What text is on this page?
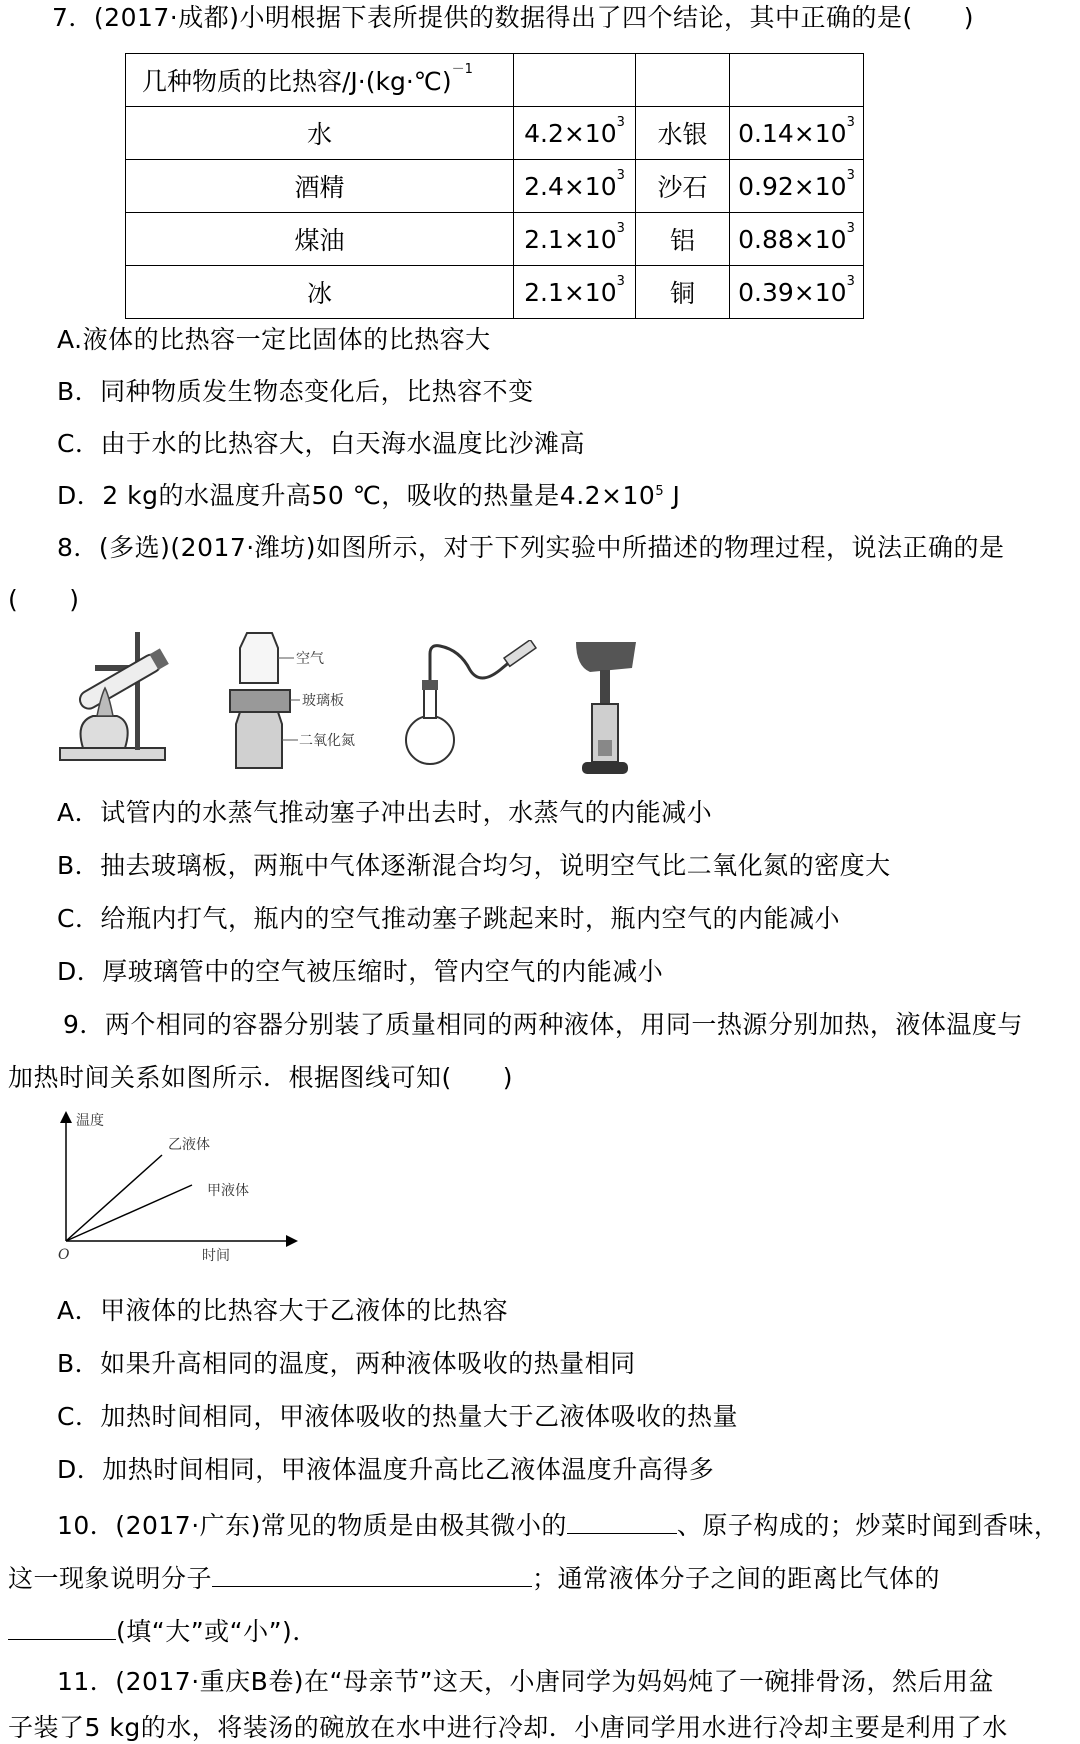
7．(2017·成都)小明根据下表所提供的数据得出了四个结论，其中正确的是(　　)
几种物质的比热容/J·(kg·℃)$^{-1}$			
水	$4.2\times 10^3$	水银	$0.14\times 10^3$
酒精	$2.4\times 10^3$	沙石	$0.92\times 10^3$
煤油	$2.1\times 10^3$	铝	$0.88\times 10^3$
冰	$2.1\times 10^3$	铜	$0.39\times 10^3$
A.液体的比热容一定比固体的比热容大
B．同种物质发生物态变化后，比热容不变
C．由于水的比热容大，白天海水温度比沙滩高
D．2 kg的水温度升高50 ℃，吸收的热量是$4.2\times 10^5$ J
8．(多选)(2017·潍坊)如图所示，对于下列实验中所描述的物理过程，说法正确的是
(　　)
空气
玻璃板
二氧化氮
A．试管内的水蒸气推动塞子冲出去时，水蒸气的内能减小
B．抽去玻璃板，两瓶中气体逐渐混合均匀，说明空气比二氧化氮的密度大
C．给瓶内打气，瓶内的空气推动塞子跳起来时，瓶内空气的内能减小
D．厚玻璃管中的空气被压缩时，管内空气的内能减小
9．两个相同的容器分别装了质量相同的两种液体，用同一热源分别加热，液体温度与
加热时间关系如图所示．根据图线可知(　　)
温度
时间
O
乙液体
甲液体
A．甲液体的比热容大于乙液体的比热容
B．如果升高相同的温度，两种液体吸收的热量相同
C．加热时间相同，甲液体吸收的热量大于乙液体吸收的热量
D．加热时间相同，甲液体温度升高比乙液体温度升高得多
10．(2017·广东)常见的物质是由极其微小的	、原子构成的；炒菜时闻到香味，
这一现象说明分子	；通常液体分子之间的距离比气体的
(填“大”或“小”)．
11．(2017·重庆B卷)在“母亲节”这天，小唐同学为妈妈炖了一碗排骨汤，然后用盆
子装了5 kg的水，将装汤的碗放在水中进行冷却．小唐同学用水进行冷却主要是利用了水
